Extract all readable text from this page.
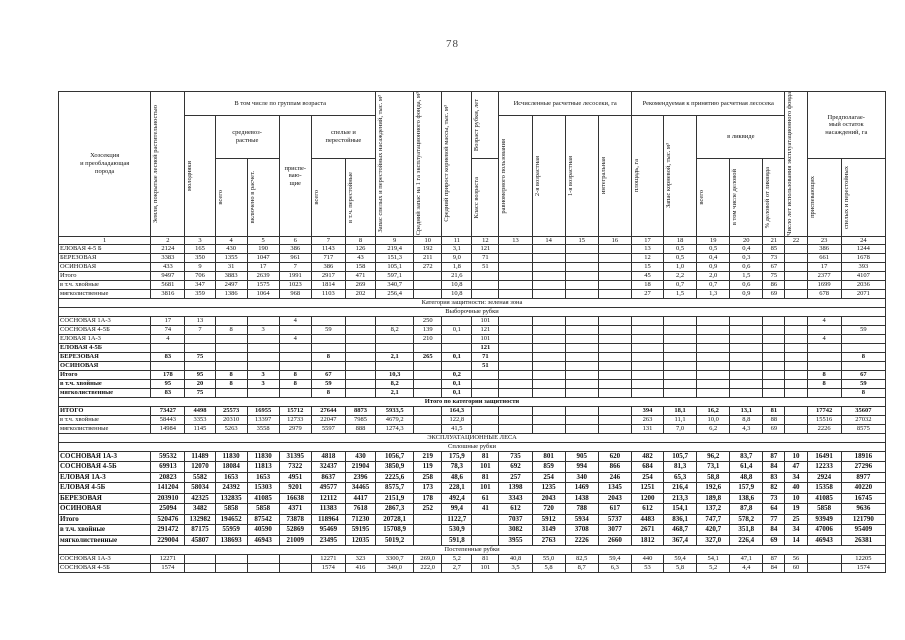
78
Хозсекция
и преобладающая
порода	Земли, покрытые лесной растительностью	В том числе по группам возраста						Запас спелых и перестойных насаждений, тыс. м³	Средний запас на 1 га эксплуатационного фонда, м³	Средний прирост корневой массы, тыс. м³	Возраст рубки, лет	Исчисленные расчетные лесосеки, га				Рекомендуемая к принятию расчетная лесосека					Число лет использования эксплуатационного фонда	Предполагае-
мый остаток
насаждений, га	

		молодняки	средневоз-
растные		приспе-
ваю-
щие	спелые и
перестойные						равномерного пользования	2-я возрастная	1-я возрастная	интегральная	площадь, га	Запас корневой, тыс. м³	в ликвиде					

			всего	включено в расчет.		всего	в т.ч. перестойные				Класс возраста							всего	в том числе деловой	% деловой от ликвида		приспевающих	спелых и перестойных

1	2	3	4	5	6	7	8	9	10	11	12	13	14	15	16	17	18	19	20	21	22	23	24
ЕЛОВАЯ 4-5 Б	2124	165	430	190	386	1143	126	219,4	192	3,1	121					13	0,5	0,5	0,4	85		386	1244
БЕРЕЗОВАЯ	3383	350	1355	1047	961	717	43	151,3	211	9,0	71					12	0,5	0,4	0,3	73		661	1678
ОСИНОВАЯ	433	9	31	17	7	386	158	105,1	272	1,8	51					15	1,0	0,9	0,6	67		17	393
Итого	9497	706	3883	2639	1991	2917	471	597,1		21,6						45	2,2	2,0	1,5	75		2377	4107
в т.ч. хвойные	5681	347	2497	1575	1023	1814	269	340,7		10,8						18	0,7	0,7	0,6	86		1699	2036
мягколиственные	3816	359	1386	1064	968	1103	202	256,4		10,8						27	1,5	1,3	0,9	69		678	2071
Категория защитности: зеленая зона																							
Выборочные рубки																							
СОСНОВАЯ 1А-3	17	13			4				250		101											4	
СОСНОВАЯ 4-5Б	74	7	8	3		59		8,2	139	0,1	121												59
ЕЛОВАЯ 1А-3	4				4				210		101											4	
ЕЛОВАЯ 4-5Б											121												
БЕРЕЗОВАЯ	83	75				8		2,1	265	0,1	71												8
ОСИНОВАЯ											51												
Итого	178	95	8	3	8	67		10,3		0,2												8	67
в т.ч. хвойные	95	20	8	3	8	59		8,2		0,1												8	59
мягколиственные	83	75				8		2,1		0,1													8
Итого по категории защитности																							
ИТОГО	73427	4498	25573	16955	15712	27644	8873	5933,5		164,3						394	18,1	16,2	13,1	81		17742	35607
в т.ч. хвойные	58443	3353	20310	13397	12733	22047	7985	4679,2		122,8						263	11,1	10,0	8,8	88		15516	27032
мягколиственные	14984	1145	5263	3558	2979	5597	888	1274,3		41,5						131	7,0	6,2	4,3	69		2226	8575
ЭКСПЛУАТАЦИОННЫЕ ЛЕСА																							
Сплошные рубки																							
СОСНОВАЯ 1А-3	59532	11489	11830	11830	31395	4818	430	1056,7	219	175,9	81	735	801	905	620	482	105,7	96,2	83,7	87	10	16491	18916
СОСНОВАЯ 4-5Б	69913	12070	18084	11813	7322	32437	21904	3850,9	119	78,3	101	692	859	994	866	684	81,3	73,1	61,4	84	47	12233	27296
ЕЛОВАЯ 1А-3	20823	5582	1653	1653	4951	8637	2396	2225,6	258	48,6	81	257	254	340	246	254	65,3	58,8	48,8	83	34	2924	8977
ЕЛОВАЯ 4-5Б	141204	58034	24392	15303	9201	49577	34465	8575,7	173	228,1	101	1398	1235	1469	1345	1251	216,4	192,6	157,9	82	40	15358	40220
БЕРЕЗОВАЯ	203910	42325	132835	41085	16638	12112	4417	2151,9	178	492,4	61	3343	2043	1438	2043	1200	213,3	189,8	138,6	73	10	41085	16745
ОСИНОВАЯ	25094	3482	5858	5858	4371	11383	7618	2867,3	252	99,4	41	612	720	788	617	612	154,1	137,2	87,8	64	19	5858	9636
Итого	520476	132982	194652	87542	73878	118964	71230	20728,1		1122,7		7037	5912	5934	5737	4483	836,1	747,7	578,2	77	25	93949	121790
в т.ч. хвойные	291472	87175	55959	40590	52869	95469	59195	15708,9		530,9		3082	3149	3708	3077	2671	468,7	420,7	351,8	84	34	47006	95409
мягколиственные	229004	45807	138693	46943	21009	23495	12035	5019,2		591,8		3955	2763	2226	2660	1812	367,4	327,0	226,4	69	14	46943	26381
Постепенные рубки																							
СОСНОВАЯ 1А-3	12271					12271	323	3300,7	269,0	5,2	81	40,8	55,0	82,5	59,4	440	59,4	54,1	47,1	87	56		12205
СОСНОВАЯ 4-5Б	1574					1574	416	349,0	222,0	2,7	101	3,5	5,8	8,7	6,3	53	5,8	5,2	4,4	84	60		1574
